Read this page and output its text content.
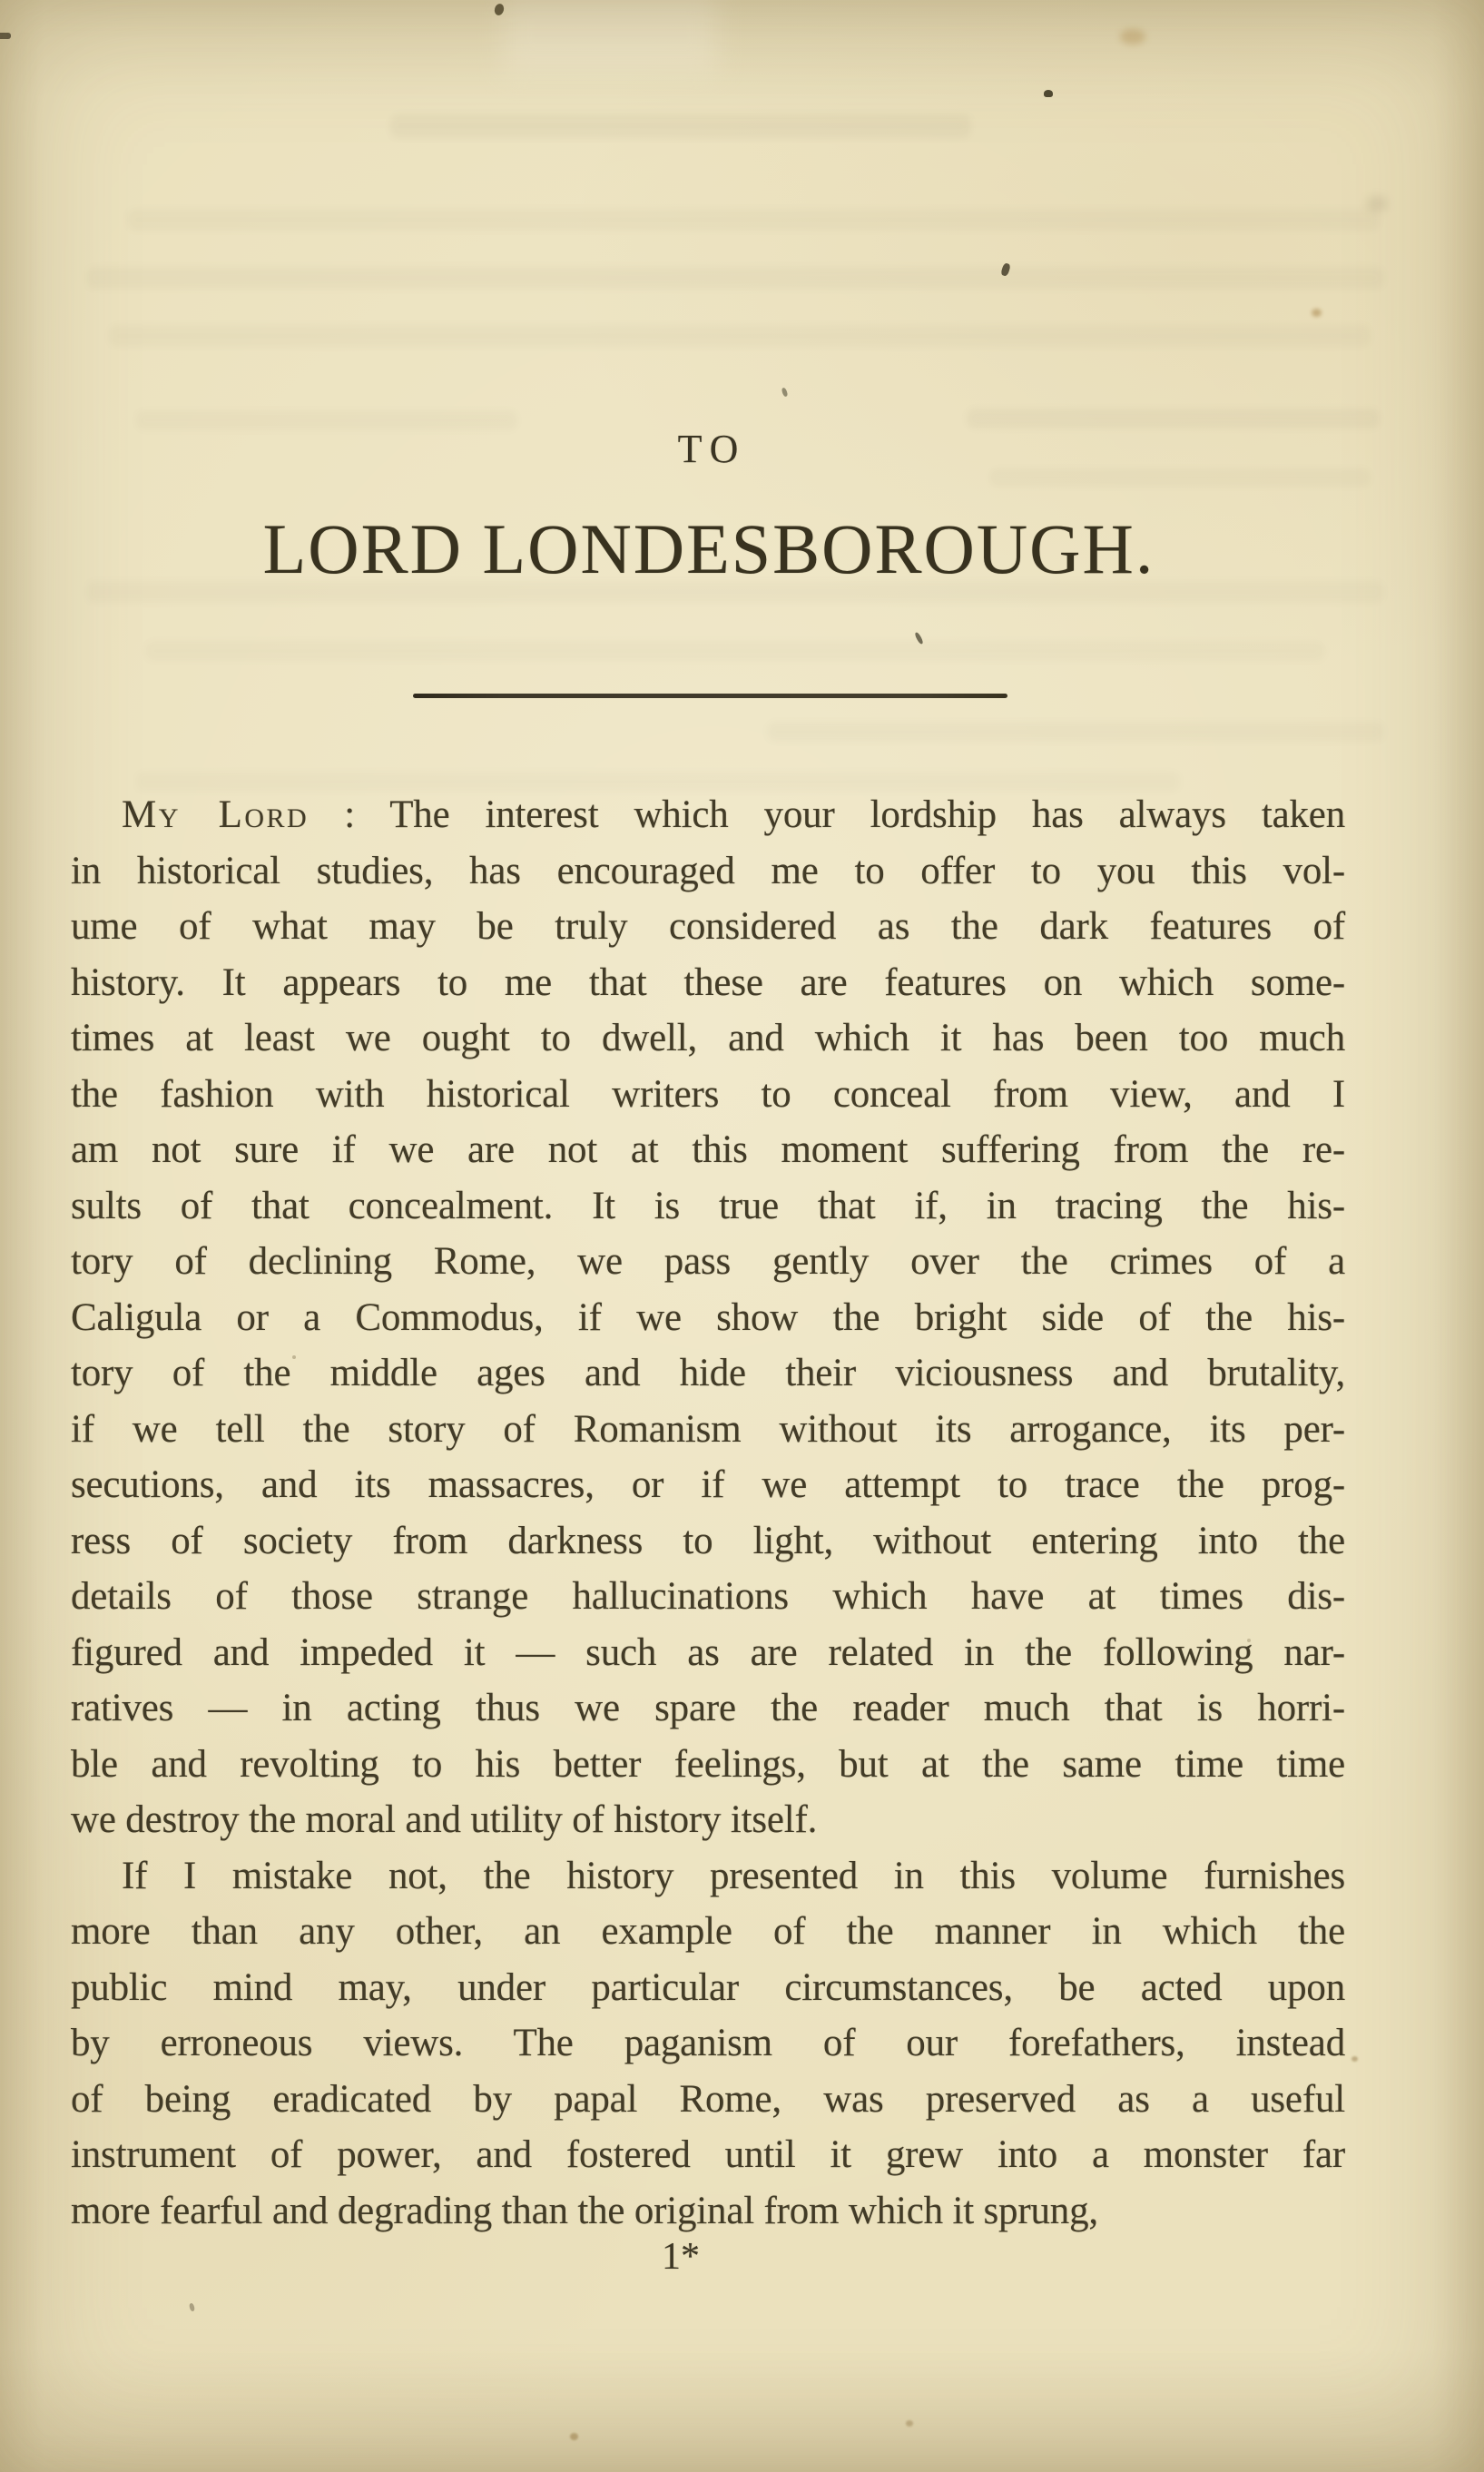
TO
LORD LONDESBOROUGH.
My Lord : The interest which your lordship has always taken
in historical studies, has encouraged me to offer to you this vol-
ume of what may be truly considered as the dark features of
history. It appears to me that these are features on which some-
times at least we ought to dwell, and which it has been too much
the fashion with historical writers to conceal from view, and I
am not sure if we are not at this moment suffering from the re-
sults of that concealment. It is true that if, in tracing the his-
tory of declining Rome, we pass gently over the crimes of a
Caligula or a Commodus, if we show the bright side of the his-
tory of the middle ages and hide their viciousness and brutality,
if we tell the story of Romanism without its arrogance, its per-
secutions, and its massacres, or if we attempt to trace the prog-
ress of society from darkness to light, without entering into the
details of those strange hallucinations which have at times dis-
figured and impeded it — such as are related in the following nar-
ratives — in acting thus we spare the reader much that is horri-
ble and revolting to his better feelings, but at the same time time
we destroy the moral and utility of history itself.
If I mistake not, the history presented in this volume furnishes
more than any other, an example of the manner in which the
public mind may, under particular circumstances, be acted upon
by erroneous views. The paganism of our forefathers, instead
of being eradicated by papal Rome, was preserved as a useful
instrument of power, and fostered until it grew into a monster far
more fearful and degrading than the original from which it sprung,
1*
